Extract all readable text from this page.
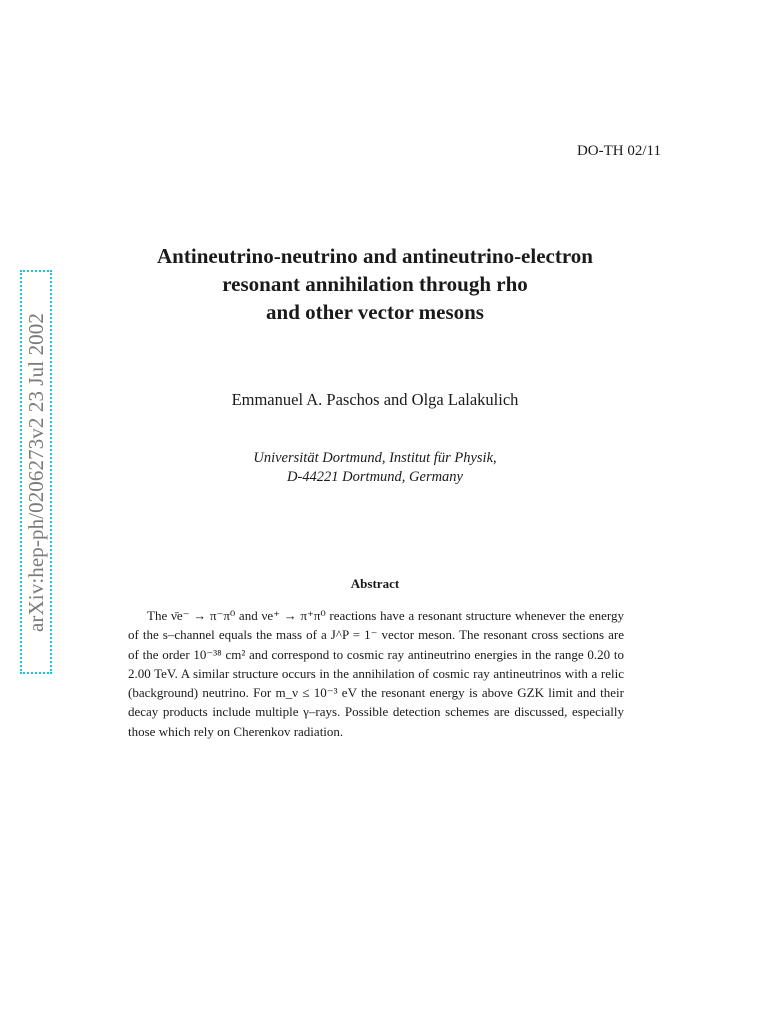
DO-TH 02/11
arXiv:hep-ph/0206273v2 23 Jul 2002
Antineutrino-neutrino and antineutrino-electron
resonant annihilation through rho
and other vector mesons
Emmanuel A. Paschos and Olga Lalakulich
Universität Dortmund, Institut für Physik,
D-44221 Dortmund, Germany
Abstract

The ν̄e⁻ → π⁻π⁰ and νe⁺ → π⁺π⁰ reactions have a resonant structure whenever the energy of the s–channel equals the mass of a J^P = 1⁻ vector meson. The resonant cross sections are of the order 10⁻³⁸ cm² and correspond to cosmic ray antineutrino energies in the range 0.20 to 2.00 TeV. A similar structure occurs in the annihilation of cosmic ray antineutrinos with a relic (background) neutrino. For m_ν ≤ 10⁻³ eV the resonant energy is above GZK limit and their decay products include multiple γ–rays. Possible detection schemes are discussed, especially those which rely on Cherenkov radiation.
